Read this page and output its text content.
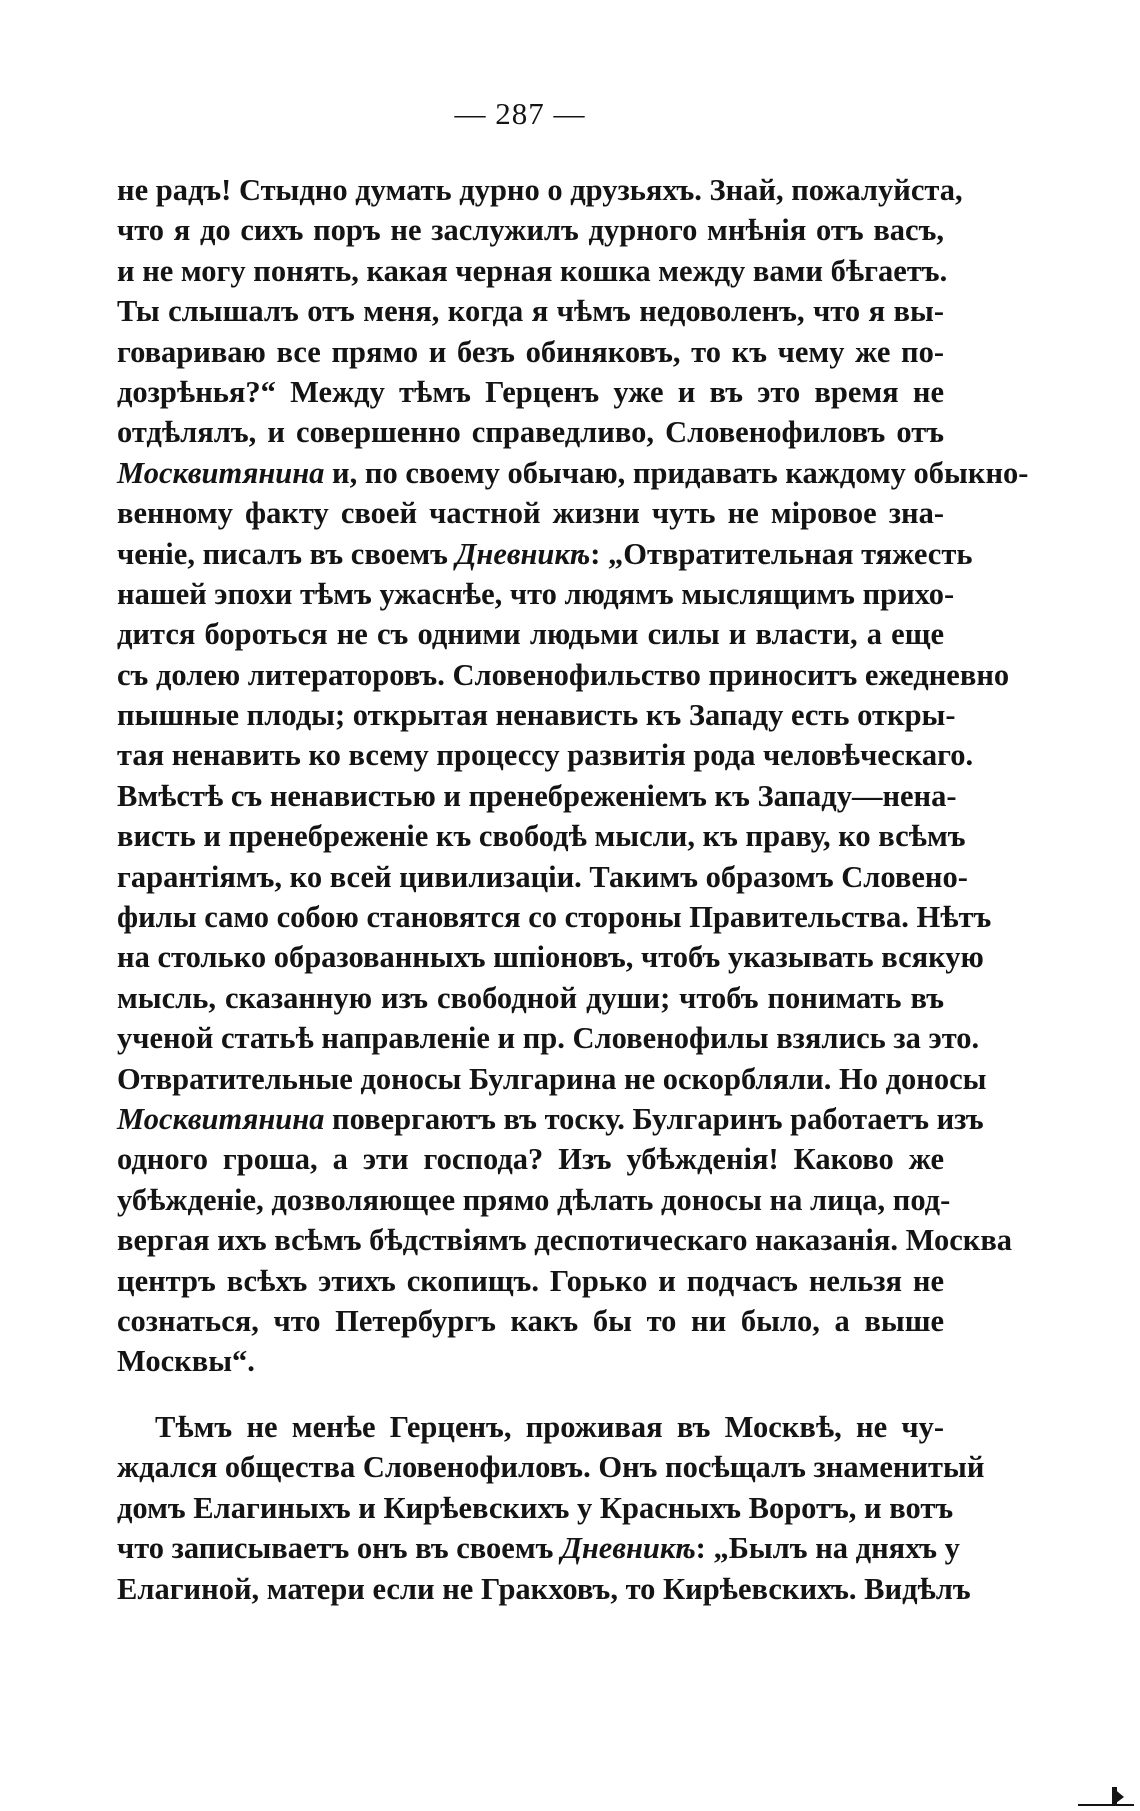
— 287 —
не радъ! Стыдно думать дурно о друзьяхъ. Знай, пожалуйста,
что я до сихъ поръ не заслужилъ дурного мнѣнія отъ васъ,
и не могу понять, какая черная кошка между вами бѣгаетъ.
Ты слышалъ отъ меня, когда я чѣмъ недоволенъ, что я вы-
говариваю все прямо и безъ обиняковъ, то къ чему же по-
дозрѣнья?“ Между тѣмъ Герценъ уже и въ это время не
отдѣлялъ, и совершенно справедливо, Словенофиловъ отъ
Москвитянина и, по своему обычаю, придавать каждому обыкно-
венному факту своей частной жизни чуть не мiровое зна-
ченіе, писалъ въ своемъ Дневникѣ: „Отвратительная тяжесть
нашей эпохи тѣмъ ужаснѣе, что людямъ мыслящимъ прихо-
дится бороться не съ одними людьми силы и власти, а еще
съ долею литераторовъ. Словенофильство приноситъ ежедневно
пышные плоды; открытая ненависть къ Западу есть откры-
тая ненавить ко всему процессу развитія рода человѣческаго.
Вмѣстѣ съ ненавистью и пренебреженіемъ къ Западу—нена-
висть и пренебреженіе къ свободѣ мысли, къ праву, ко всѣмъ
гарантіямъ, ко всей цивилизаціи. Такимъ образомъ Словено-
филы само собою становятся со стороны Правительства. Нѣтъ
на столько образованныхъ шпіоновъ, чтобъ указывать всякую
мысль, сказанную изъ свободной души; чтобъ понимать въ
ученой статьѣ направленіе и пр. Словенофилы взялись за это.
Отвратительные доносы Булгарина не оскорбляли. Но доносы
Москвитянина повергаютъ въ тоску. Булгаринъ работаетъ изъ
одного гроша, а эти господа? Изъ убѣжденія! Каково же
убѣжденіе, дозволяющее прямо дѣлать доносы на лица, под-
вергая ихъ всѣмъ бѣдствіямъ деспотическаго наказанія. Москва
центръ всѣхъ этихъ скопищъ. Горько и подчасъ нельзя не
сознаться, что Петербургъ какъ бы то ни было, а выше
Москвы“.
Тѣмъ не менѣе Герценъ, проживая въ Москвѣ, не чу-
ждался общества Словенофиловъ. Онъ посѣщалъ знаменитый
домъ Елагиныхъ и Кирѣевскихъ у Красныхъ Воротъ, и вотъ
что записываетъ онъ въ своемъ Дневникѣ: „Былъ на дняхъ у
Елагиной, матери если не Гракховъ, то Кирѣевскихъ. Видѣлъ
